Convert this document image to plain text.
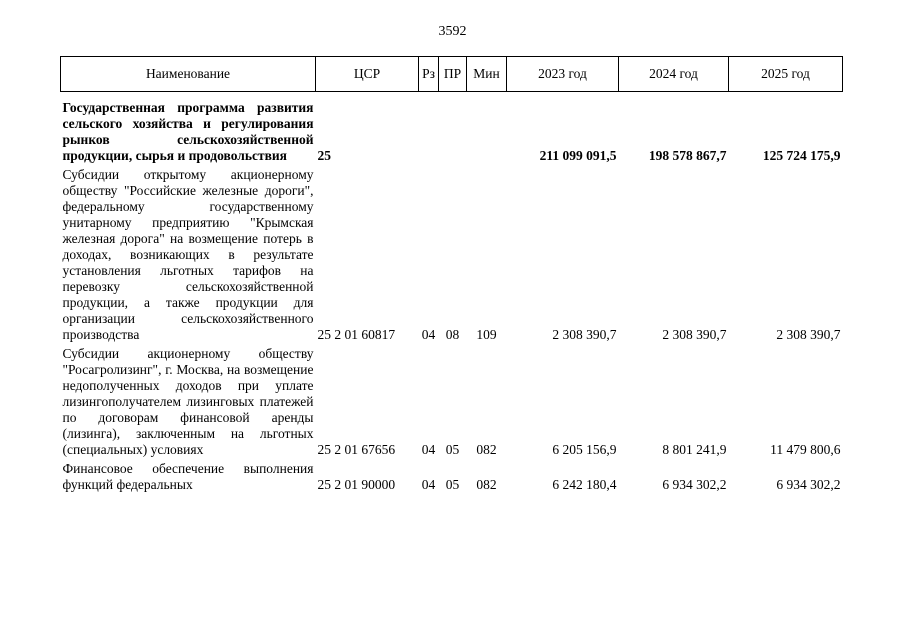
3592
Наименование	ЦСР	Рз	ПР	Мин	2023 год	2024 год	2025 год
Государственная программа развития сельского хозяйства и регулирования рынков сельскохозяйственной продукции, сырья и продовольствия	25				211 099 091,5	198 578 867,7	125 724 175,9
Субсидии открытому акционерному обществу "Российские железные дороги", федеральному государственному унитарному предприятию "Крымская железная дорога" на возмещение потерь в доходах, возникающих в результате установления льготных тарифов на перевозку сельскохозяйственной продукции, а также продукции для организации сельскохозяйственного производства	25 2 01 60817	04	08	109	2 308 390,7	2 308 390,7	2 308 390,7
Субсидии акционерному обществу "Росагролизинг", г. Москва, на возмещение недополученных доходов при уплате лизингополучателем лизинговых платежей по договорам финансовой аренды (лизинга), заключенным на льготных (специальных) условиях	25 2 01 67656	04	05	082	6 205 156,9	8 801 241,9	11 479 800,6
Финансовое обеспечение выполнения функций федеральных	25 2 01 90000	04	05	082	6 242 180,4	6 934 302,2	6 934 302,2
